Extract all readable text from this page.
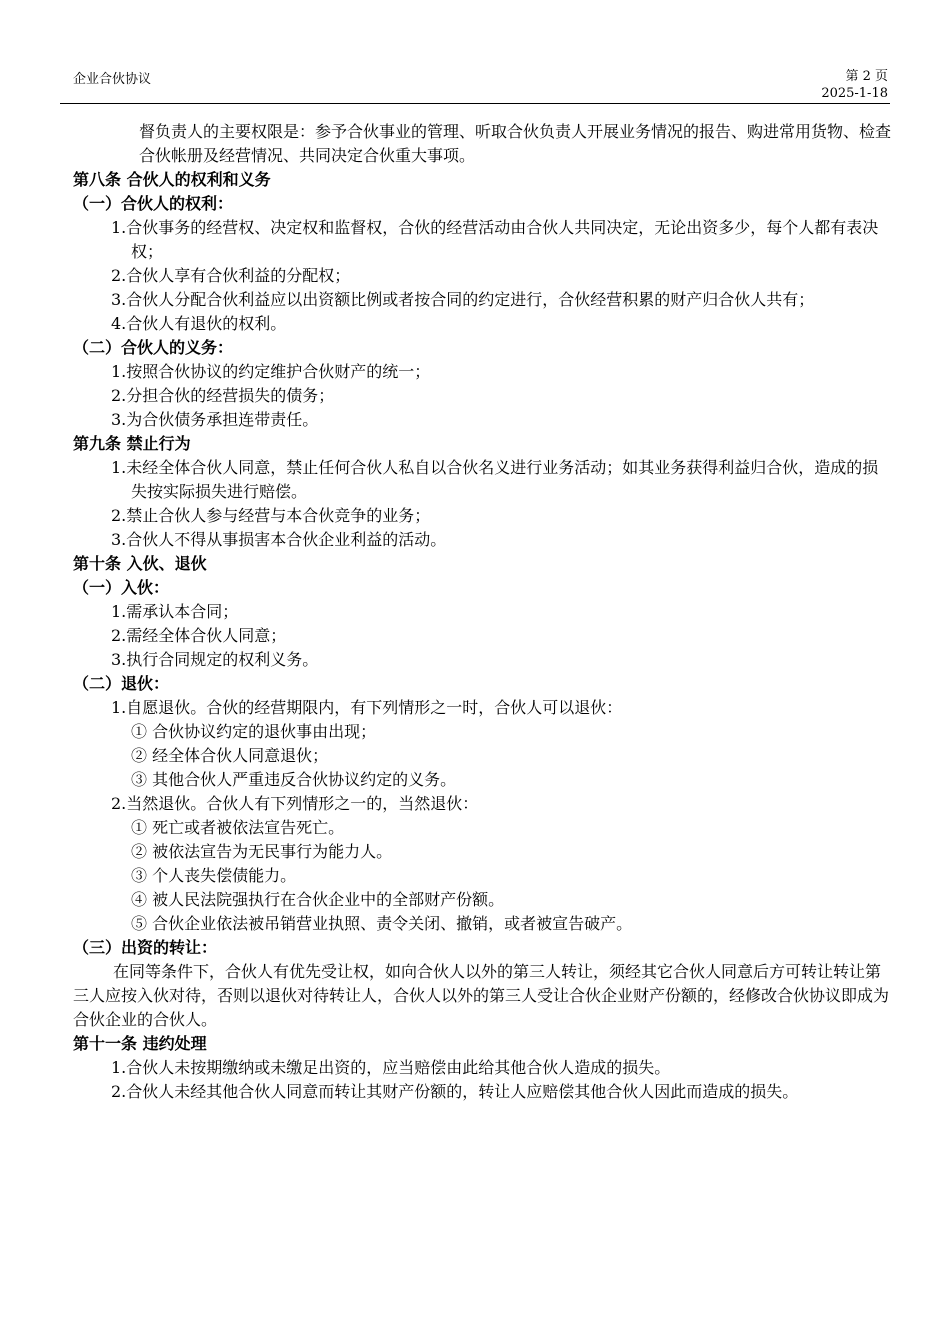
企业合伙协议	第 2 页
2025-1-18

督负责人的主要权限是：参予合伙事业的管理、听取合伙负责人开展业务情况的报告、购进常用货物、检查合伙帐册及经营情况、共同决定合伙重大事项。

第八条 合伙人的权利和义务

（一）合伙人的权利：

1.合伙事务的经营权、决定权和监督权，合伙的经营活动由合伙人共同决定，无论出资多少，每个人都有表决权；

2.合伙人享有合伙利益的分配权；

3.合伙人分配合伙利益应以出资额比例或者按合同的约定进行，合伙经营积累的财产归合伙人共有；

4.合伙人有退伙的权利。

（二）合伙人的义务：

1.按照合伙协议的约定维护合伙财产的统一；

2.分担合伙的经营损失的债务；

3.为合伙债务承担连带责任。

第九条 禁止行为

1.未经全体合伙人同意，禁止任何合伙人私自以合伙名义进行业务活动；如其业务获得利益归合伙，造成的损失按实际损失进行赔偿。

2.禁止合伙人参与经营与本合伙竞争的业务；

3.合伙人不得从事损害本合伙企业利益的活动。

第十条 入伙、退伙

（一）入伙：

1.需承认本合同；

2.需经全体合伙人同意；

3.执行合同规定的权利义务。

（二）退伙：

1.自愿退伙。合伙的经营期限内，有下列情形之一时，合伙人可以退伙：

① 合伙协议约定的退伙事由出现；

② 经全体合伙人同意退伙；

③ 其他合伙人严重违反合伙协议约定的义务。

2.当然退伙。合伙人有下列情形之一的，当然退伙：

① 死亡或者被依法宣告死亡。

② 被依法宣告为无民事行为能力人。

③ 个人丧失偿债能力。

④ 被人民法院强执行在合伙企业中的全部财产份额。

⑤ 合伙企业依法被吊销营业执照、责令关闭、撤销，或者被宣告破产。

（三）出资的转让：

在同等条件下，合伙人有优先受让权，如向合伙人以外的第三人转让，须经其它合伙人同意后方可转让转让第三人应按入伙对待，否则以退伙对待转让人，合伙人以外的第三人受让合伙企业财产份额的，经修改合伙协议即成为合伙企业的合伙人。

第十一条 违约处理

1.合伙人未按期缴纳或未缴足出资的，应当赔偿由此给其他合伙人造成的损失。

2.合伙人未经其他合伙人同意而转让其财产份额的，转让人应赔偿其他合伙人因此而造成的损失。
